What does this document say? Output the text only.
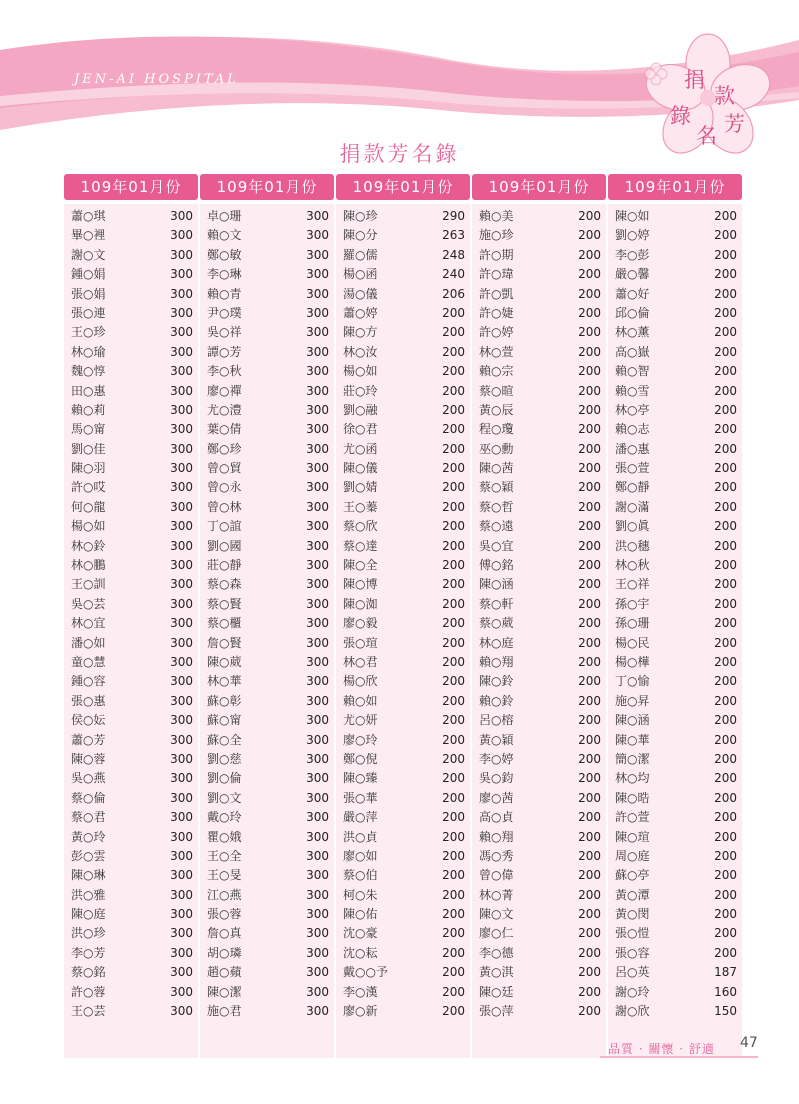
JEN-AI HOSPITAL	捐
款
錄 芳
名
捐款芳名錄
109年01月份
蕭○琪	300
畢○裡	300
謝○文	300
鍾○娟	300
張○娟	300
張○連	300
王○珍	300
林○瑜	300
魏○惇	300
田○惠	300
賴○莉	300
馬○甯	300
劉○佳	300
陳○羽	300
許○哎	300
何○龍	300
楊○如	300
林○鈴	300
林○鵬	300
王○訓	300
吳○芸	300
林○宜	300
潘○如	300
童○慧	300
鍾○容	300
張○惠	300
侯○妘	300
蕭○芳	300
陳○蓉	300
吳○燕	300
蔡○倫	300
蔡○君	300
黃○玲	300
彭○雲	300
陳○琳	300
洪○雅	300
陳○庭	300
洪○珍	300
李○芳	300
蔡○銘	300
許○蓉	300
王○芸	300
109年01月份
卓○珊	300
賴○文	300
鄭○敏	300
李○琳	300
賴○青	300
尹○璞	300
吳○祥	300
譚○芳	300
李○秋	300
廖○禪	300
尤○澧	300
葉○倩	300
鄭○珍	300
曾○貿	300
曾○永	300
曾○林	300
丁○誼	300
劉○國	300
莊○靜	300
蔡○森	300
蔡○賢	300
蔡○櫃	300
詹○賢	300
陳○葳	300
林○華	300
蘇○彰	300
蘇○甯	300
蘇○全	300
劉○慈	300
劉○倫	300
劉○文	300
戴○玲	300
瞿○娥	300
王○全	300
王○旻	300
江○燕	300
張○蓉	300
詹○真	300
胡○璘	300
趙○蘋	300
陳○潔	300
施○君	300
109年01月份
陳○珍	290
陳○分	263
羅○儒	248
楊○函	240
湯○儀	206
蕭○婷	200
陳○方	200
林○汝	200
楊○如	200
莊○玲	200
劉○融	200
徐○君	200
尤○函	200
陳○儀	200
劉○婧	200
王○蓁	200
蔡○欣	200
蔡○達	200
陳○全	200
陳○博	200
陳○洳	200
廖○毅	200
張○瑄	200
林○君	200
楊○欣	200
賴○如	200
尤○妍	200
廖○玲	200
鄭○倪	200
陳○臻	200
張○華	200
嚴○萍	200
洪○貞	200
廖○如	200
蔡○伯	200
柯○朱	200
陳○佑	200
沈○豪	200
沈○耘	200
戴○○予	200
李○漢	200
廖○新	200
109年01月份
賴○美	200
施○珍	200
許○期	200
許○瑋	200
許○凱	200
許○婕	200
許○婷	200
林○萱	200
賴○宗	200
蔡○暄	200
黃○辰	200
程○瓊	200
巫○勳	200
陳○茜	200
蔡○穎	200
蔡○哲	200
蔡○遠	200
吳○宜	200
傅○銘	200
陳○涵	200
蔡○軒	200
蔡○葳	200
林○庭	200
賴○翔	200
陳○鈴	200
賴○鈴	200
呂○榕	200
黃○穎	200
李○婷	200
吳○鈞	200
廖○茜	200
高○貞	200
賴○翔	200
馮○秀	200
曾○偉	200
林○菁	200
陳○文	200
廖○仁	200
李○德	200
黃○淇	200
陳○廷	200
張○萍	200
109年01月份
陳○如	200
劉○婷	200
李○彭	200
嚴○馨	200
蕭○好	200
邱○倫	200
林○薰	200
高○嶽	200
賴○智	200
賴○雪	200
林○亭	200
賴○志	200
潘○惠	200
張○萱	200
鄭○靜	200
謝○滿	200
劉○眞	200
洪○穗	200
林○秋	200
王○祥	200
孫○宇	200
孫○珊	200
楊○民	200
楊○樺	200
丁○愉	200
施○昇	200
陳○涵	200
陳○華	200
簡○潔	200
林○均	200
陳○晧	200
許○萱	200
陳○瑄	200
周○庭	200
蘇○亭	200
黃○潭	200
黃○閔	200
張○愷	200
張○容	200
呂○英	187
謝○玲	160
謝○欣	150
品質 · 關懷 · 舒適 47
